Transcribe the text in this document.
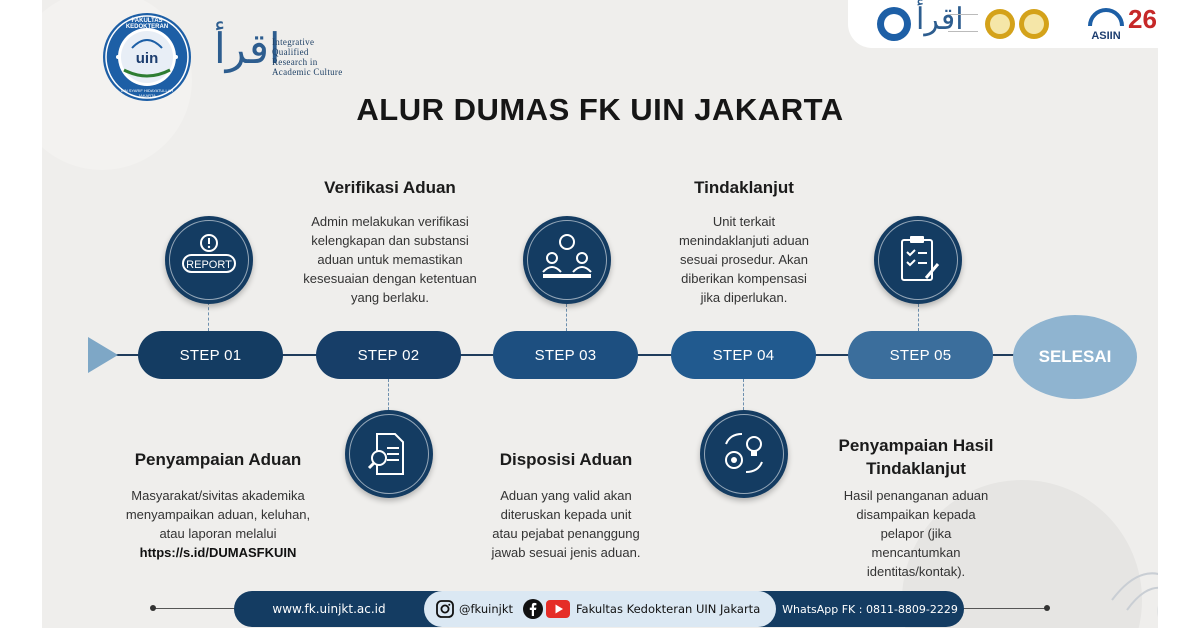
uin
FAKULTAS KEDOKTERAN
UIN SYARIF HIDAYATULLAH JAKARTA
اقرأ
Integrative
Qualified
Research in
Academic Culture
اقرأ	ASIIN
26
ALUR DUMAS FK UIN JAKARTA
STEP 01	STEP 02	STEP 03	STEP 04	STEP 05	SELESAI
REPORT
Penyampaian Aduan
Masyarakat/sivitas akademika
menyampaikan aduan, keluhan,
atau laporan melalui
https://s.id/DUMASFKUIN
Verifikasi Aduan
Admin melakukan verifikasi
kelengkapan dan substansi
aduan untuk memastikan
kesesuaian dengan ketentuan
yang berlaku.
Disposisi Aduan
Aduan yang valid akan
diteruskan kepada unit
atau pejabat penanggung
jawab sesuai jenis aduan.
Tindaklanjut
Unit terkait
menindaklanjuti aduan
sesuai prosedur. Akan
diberikan kompensasi
jika diperlukan.
Penyampaian Hasil
Tindaklanjut
Hasil penanganan aduan
disampaikan kepada
pelapor (jika
mencantumkan
identitas/kontak).
www.fk.uinjkt.ac.id	@fkuinjkt	Fakultas Kedokteran UIN Jakarta	WhatsApp FK : 0811-8809-2229
